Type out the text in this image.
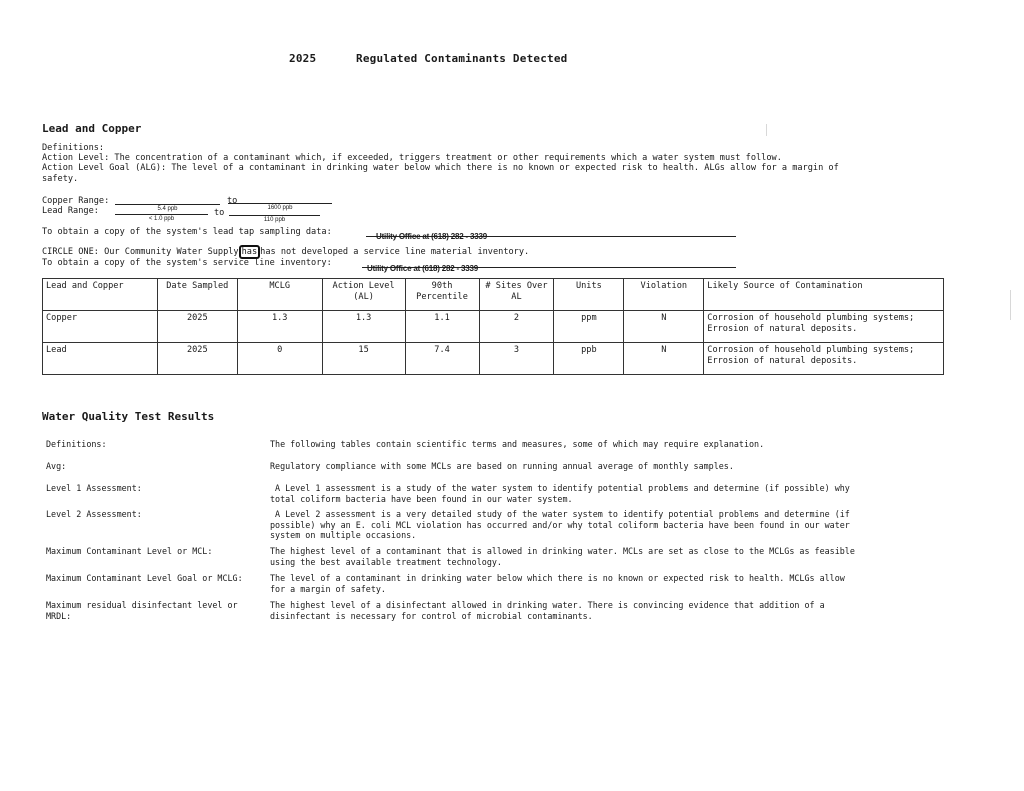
2025	Regulated Contaminants Detected
Lead and Copper
Definitions:
Action Level: The concentration of a contaminant which, if exceeded, triggers treatment or other requirements which a water system must follow.
Action Level Goal (ALG): The level of a contaminant in drinking water below which there is no known or expected risk to health. ALGs allow for a margin of
safety.
Copper Range:
5.4 ppb
to
1600 ppb
Lead Range:
< 1.0 ppb
to
110 ppb
To obtain a copy of the system's lead tap sampling data:	Utility Office at (618) 282 - 3339
CIRCLE ONE: Our Community Water Supply has has not developed a service line material inventory.
To obtain a copy of the system's service line inventory:
Utility Office at (618) 282 - 3339
Lead and Copper	Date Sampled	MCLG	Action Level (AL)	90th Percentile	# Sites Over AL	Units	Violation	Likely Source of Contamination
Copper	2025	1.3	1.3	1.1	2	ppm	N	Corrosion of household plumbing systems;
Errosion of natural deposits.

Lead	2025	0	15	7.4	3	ppb	N	Corrosion of household plumbing systems;
Errosion of natural deposits.
Water Quality Test Results
Definitions:	The following tables contain scientific terms and measures, some of which may require explanation.
Avg:	Regulatory compliance with some MCLs are based on running annual average of monthly samples.
Level 1 Assessment:	A Level 1 assessment is a study of the water system to identify potential problems and determine (if possible) why
total coliform bacteria have been found in our water system.
Level 2 Assessment:	A Level 2 assessment is a very detailed study of the water system to identify potential problems and determine (if
possible) why an E. coli MCL violation has occurred and/or why total coliform bacteria have been found in our water
system on multiple occasions.
Maximum Contaminant Level or MCL:	The highest level of a contaminant that is allowed in drinking water. MCLs are set as close to the MCLGs as feasible
using the best available treatment technology.
Maximum Contaminant Level Goal or MCLG:	The level of a contaminant in drinking water below which there is no known or expected risk to health. MCLGs allow
for a margin of safety.
Maximum residual disinfectant level or MRDL:
The highest level of a disinfectant allowed in drinking water. There is convincing evidence that addition of a
disinfectant is necessary for control of microbial contaminants.
